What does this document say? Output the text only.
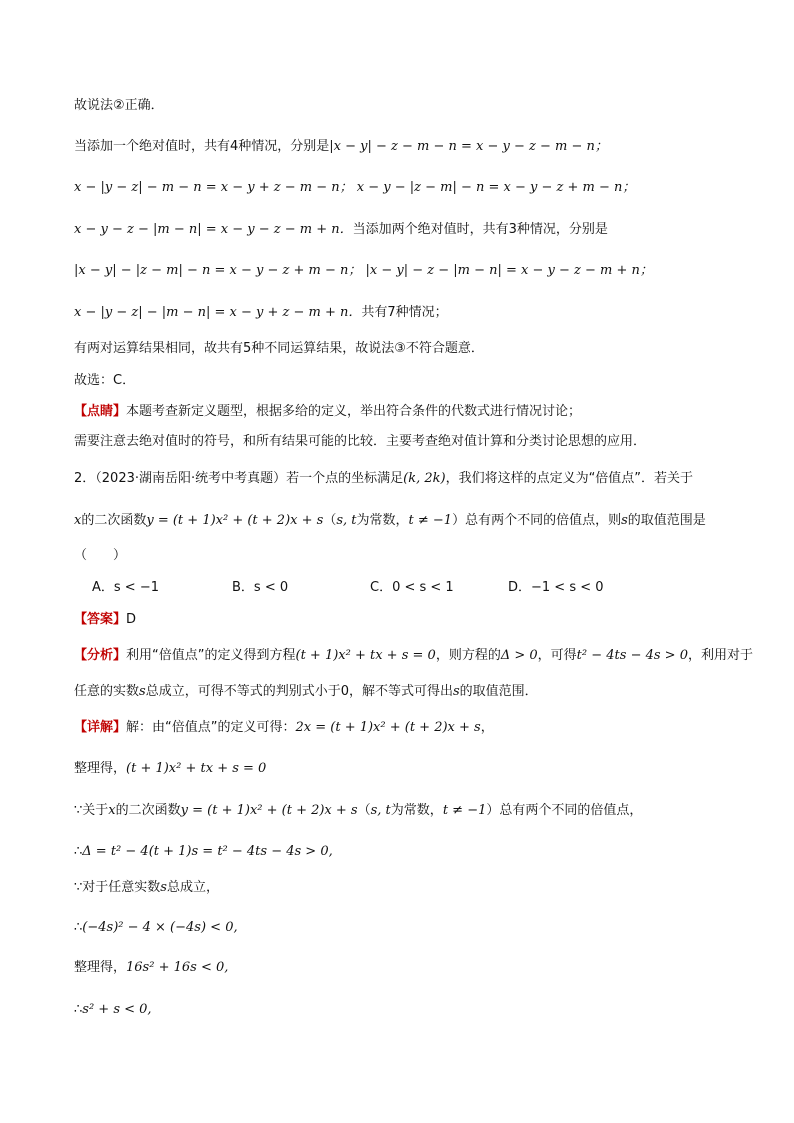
故说法②正确．
当添加一个绝对值时，共有4种情况，分别是|x − y| − z − m − n = x − y − z − m − n；
x − |y − z| − m − n = x − y + z − m − n； x − y − |z − m| − n = x − y − z + m − n；
x − y − z − |m − n| = x − y − z − m + n．当添加两个绝对值时，共有3种情况，分别是
|x − y| − |z − m| − n = x − y − z + m − n； |x − y| − z − |m − n| = x − y − z − m + n；
x − |y − z| − |m − n| = x − y + z − m + n．共有7种情况；
有两对运算结果相同，故共有5种不同运算结果，故说法③不符合题意．
故选：C．
【点睛】本题考查新定义题型，根据多给的定义，举出符合条件的代数式进行情况讨论；
需要注意去绝对值时的符号，和所有结果可能的比较．主要考查绝对值计算和分类讨论思想的应用．
2．（2023·湖南岳阳·统考中考真题）若一个点的坐标满足(k, 2k)，我们将这样的点定义为“倍值点”．若关于
x的二次函数y = (t + 1)x² + (t + 2)x + s（s, t为常数，t ≠ −1）总有两个不同的倍值点，则s的取值范围是
（　　）
A．s < −1	B．s < 0	C．0 < s < 1	D．−1 < s < 0
【答案】D
【分析】利用“倍值点”的定义得到方程(t + 1)x² + tx + s = 0，则方程的Δ > 0，可得t² − 4ts − 4s > 0，利用对于
任意的实数s总成立，可得不等式的判别式小于0，解不等式可得出s的取值范围．
【详解】解：由“倍值点”的定义可得：2x = (t + 1)x² + (t + 2)x + s，
整理得，(t + 1)x² + tx + s = 0
∵关于x的二次函数y = (t + 1)x² + (t + 2)x + s（s, t为常数，t ≠ −1）总有两个不同的倍值点，
∴Δ = t² − 4(t + 1)s = t² − 4ts − 4s > 0,
∵对于任意实数s总成立，
∴(−4s)² − 4 × (−4s) < 0,
整理得，16s² + 16s < 0,
∴s² + s < 0,
